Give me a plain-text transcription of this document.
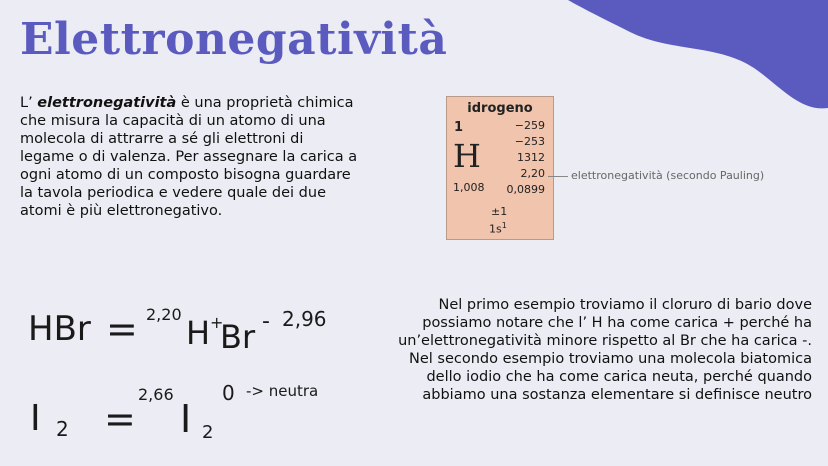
Elettronegatività
L’ elettronegatività è una proprietà chimica che misura la capacità di un atomo di una molecola di attrarre a sé gli elettroni di legame o di valenza. Per assegnare la carica a ogni atomo di un composto bisogna guardare la tavola periodica e vedere quale dei due atomi è più elettronegativo.
idrogeno
1
H
1,008
−259
−253
1312
2,20
0,0899
±1
$1s^1$
elettronegatività (secondo Pauling)
HBr = 2,20 H +
Br - 2,96
I 2 =
2,66
I 2
0 -> neutra

Nel primo esempio troviamo il cloruro di bario dove possiamo notare che l’ H ha come carica + perché ha un’elettronegatività minore rispetto al Br che ha carica -.

Nel secondo esempio troviamo una molecola biatomica dello iodio che ha come carica neuta, perché quando abbiamo una sostanza elementare si definisce neutro
